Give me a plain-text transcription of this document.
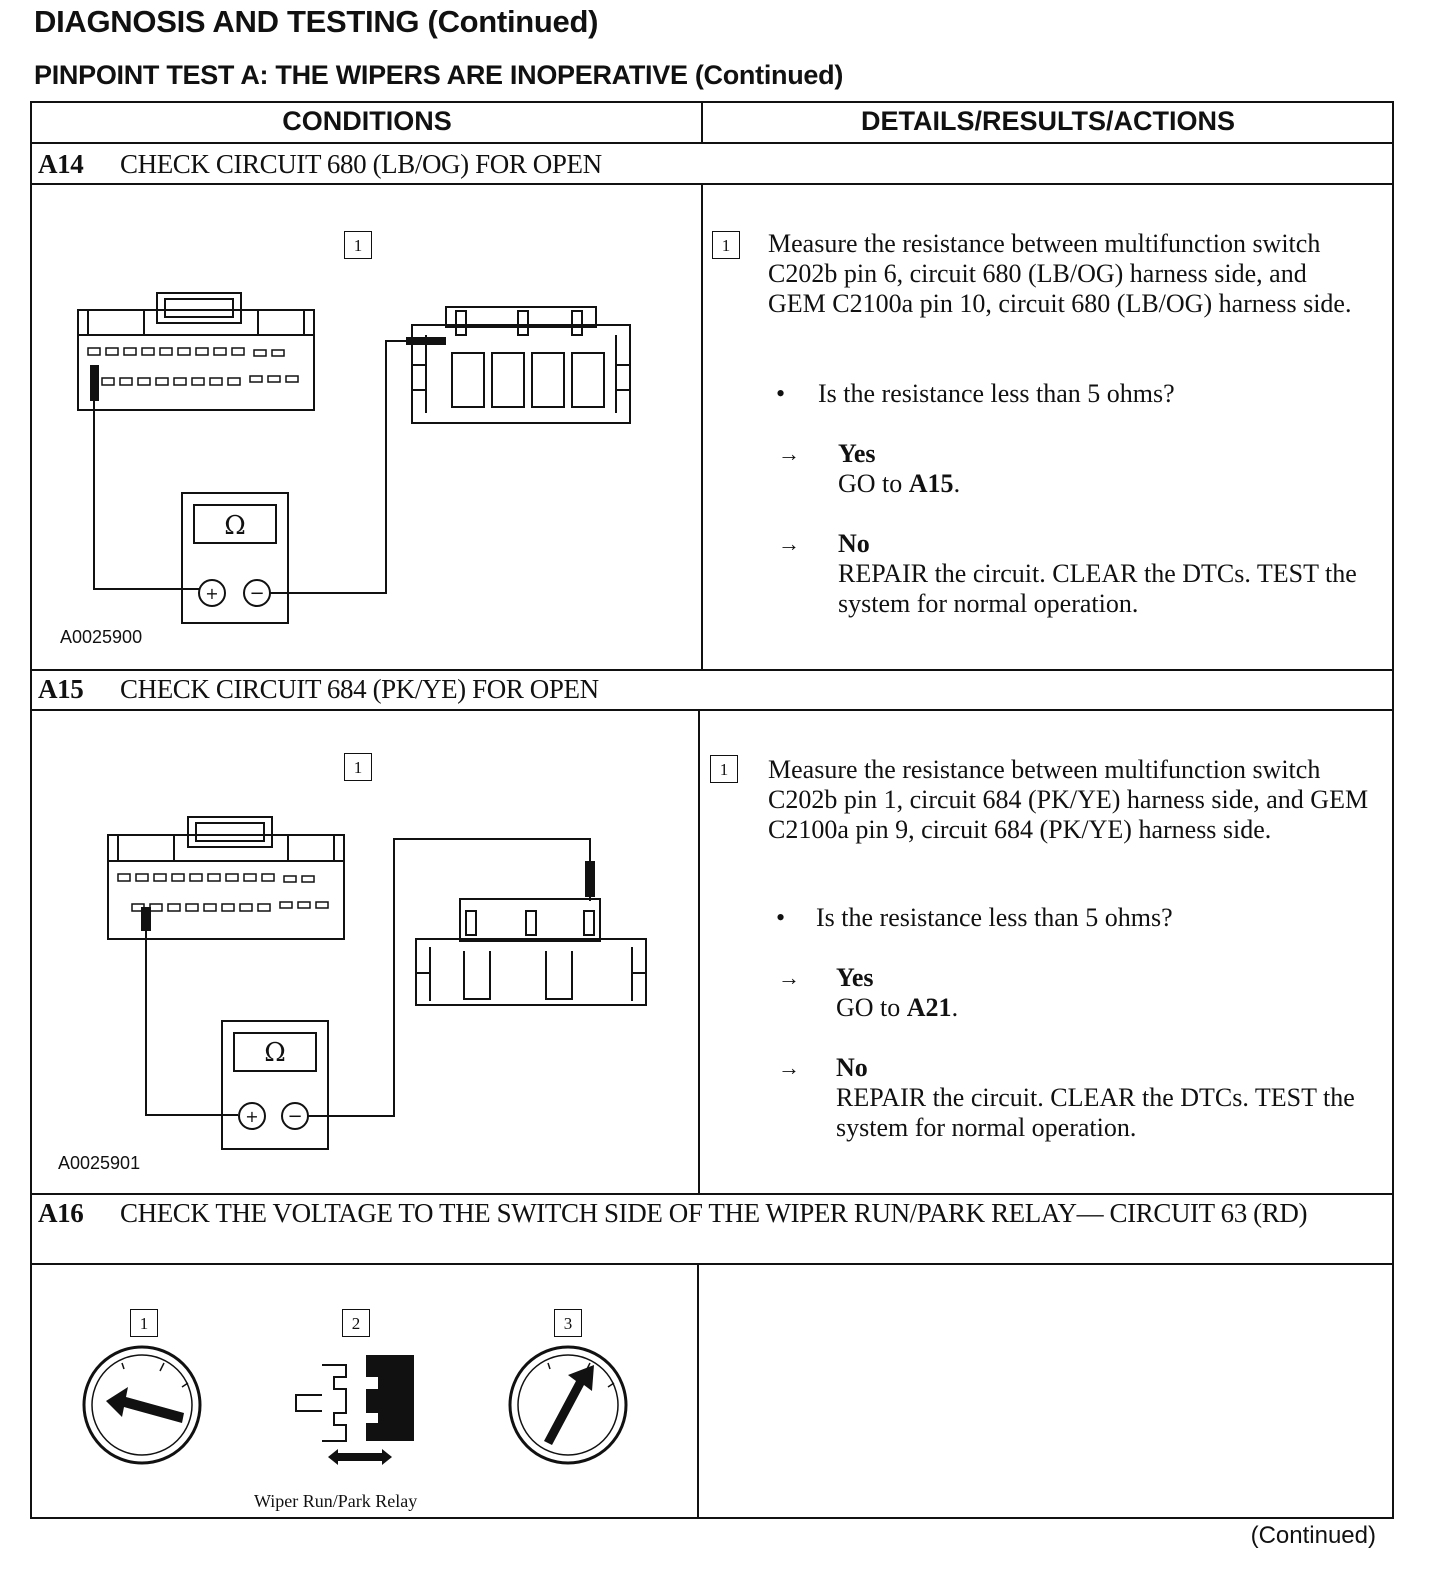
DIAGNOSIS AND TESTING (Continued)
PINPOINT TEST A: THE WIPERS ARE INOPERATIVE (Continued)
CONDITIONS	DETAILS/RESULTS/ACTIONS
A14 CHECK CIRCUIT 680 (LB/OG) FOR OPEN
+ −
Ω
1
A0025900
1	Measure the resistance between multifunction switch C202b pin 6, circuit 680 (LB/OG) harness side, and GEM C2100a pin 10, circuit 680 (LB/OG) harness side.
• Is the resistance less than 5 ohms?
→ Yes
GO to A15.
→ No
REPAIR the circuit. CLEAR the DTCs. TEST the system for normal operation.
A15 CHECK CIRCUIT 684 (PK/YE) FOR OPEN
+ −
Ω
1
A0025901
1	Measure the resistance between multifunction switch C202b pin 1, circuit 684 (PK/YE) harness side, and GEM C2100a pin 9, circuit 684 (PK/YE) harness side.
• Is the resistance less than 5 ohms?
→ Yes
GO to A21.
→ No
REPAIR the circuit. CLEAR the DTCs. TEST the system for normal operation.
A16	CHECK THE VOLTAGE TO THE SWITCH SIDE OF THE WIPER RUN/PARK RELAY— CIRCUIT 63 (RD)
1	2	3
Wiper Run/Park Relay
(Continued)
